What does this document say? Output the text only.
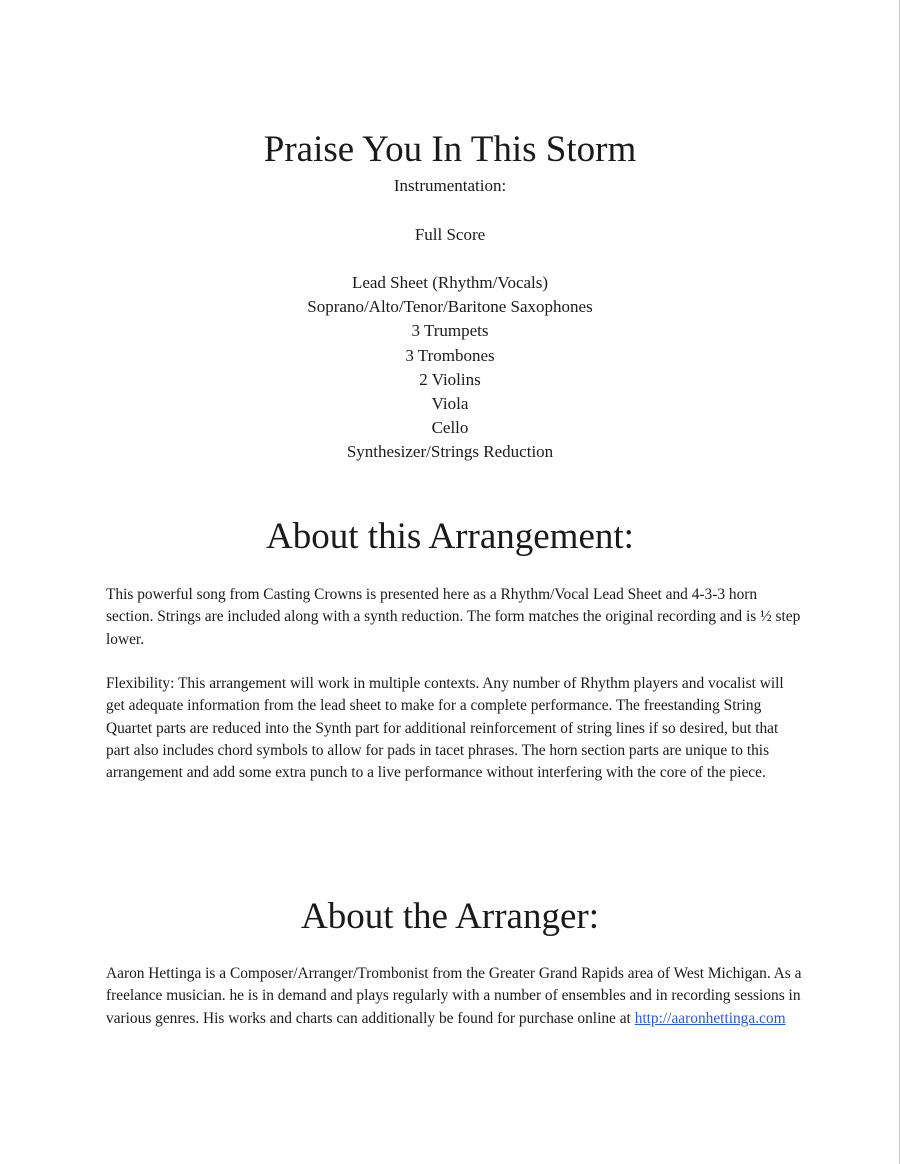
Praise You In This Storm

Instrumentation:

Full Score

Lead Sheet (Rhythm/Vocals)
Soprano/Alto/Tenor/Baritone Saxophones
3 Trumpets
3 Trombones
2 Violins
Viola
Cello
Synthesizer/Strings Reduction
About this Arrangement:

This powerful song from Casting Crowns is presented here as a Rhythm/Vocal Lead Sheet and 4-3-3 horn section. Strings are included along with a synth reduction. The form matches the original recording and is ½ step lower.

Flexibility: This arrangement will work in multiple contexts. Any number of Rhythm players and vocalist will get adequate information from the lead sheet to make for a complete performance. The freestanding String Quartet parts are reduced into the Synth part for additional reinforcement of string lines if so desired, but that part also includes chord symbols to allow for pads in tacet phrases. The horn section parts are unique to this arrangement and add some extra punch to a live performance without interfering with the core of the piece.

About the Arranger:

Aaron Hettinga is a Composer/Arranger/Trombonist from the Greater Grand Rapids area of West Michigan. As a freelance musician. he is in demand and plays regularly with a number of ensembles and in recording sessions in various genres. His works and charts can additionally be found for purchase online at http://aaronhettinga.com
